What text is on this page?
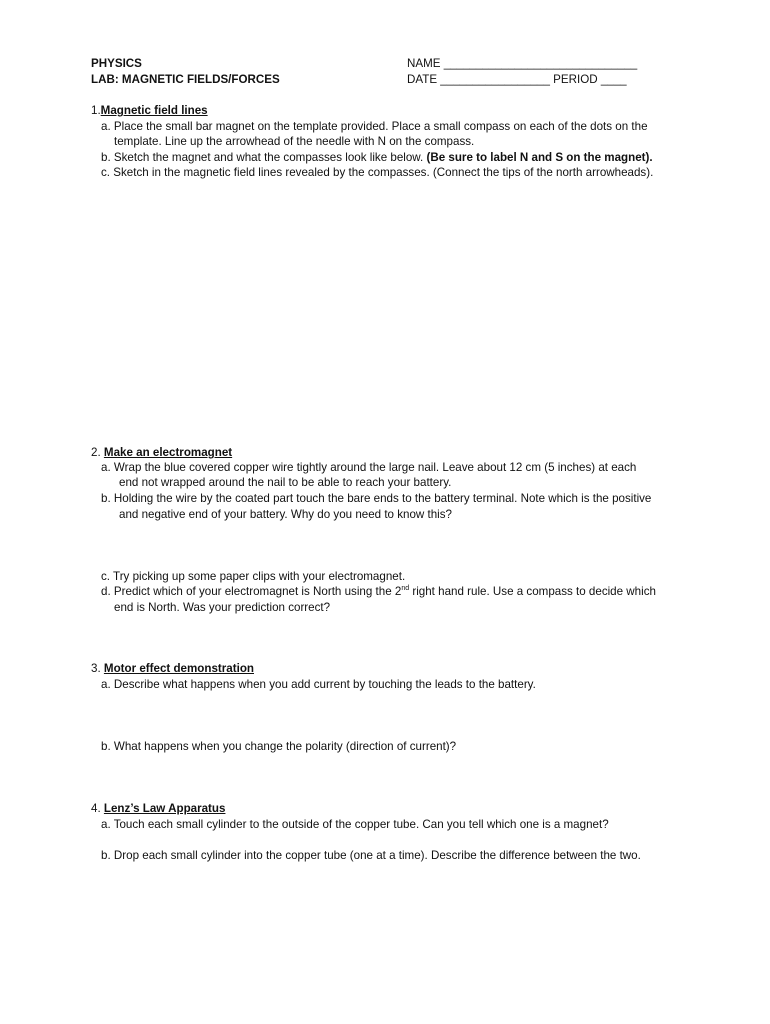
PHYSICS
LAB: MAGNETIC FIELDS/FORCES
NAME ______________________________
DATE _________________ PERIOD ____
1.Magnetic field lines
a. Place the small bar magnet on the template provided. Place a small compass on each of the dots on the
template. Line up the arrowhead of the needle with N on the compass.
b. Sketch the magnet and what the compasses look like below. (Be sure to label N and S on the magnet).
c. Sketch in the magnetic field lines revealed by the compasses. (Connect the tips of the north arrowheads).
2. Make an electromagnet
a. Wrap the blue covered copper wire tightly around the large nail. Leave about 12 cm (5 inches) at each
end not wrapped around the nail to be able to reach your battery.
b. Holding the wire by the coated part touch the bare ends to the battery terminal. Note which is the positive
and negative end of your battery. Why do you need to know this?
c. Try picking up some paper clips with your electromagnet.
d. Predict which of your electromagnet is North using the 2nd right hand rule. Use a compass to decide which
end is North. Was your prediction correct?
3. Motor effect demonstration
a. Describe what happens when you add current by touching the leads to the battery.
b. What happens when you change the polarity (direction of current)?
4. Lenz’s Law Apparatus
a. Touch each small cylinder to the outside of the copper tube. Can you tell which one is a magnet?
b. Drop each small cylinder into the copper tube (one at a time). Describe the difference between the two.
